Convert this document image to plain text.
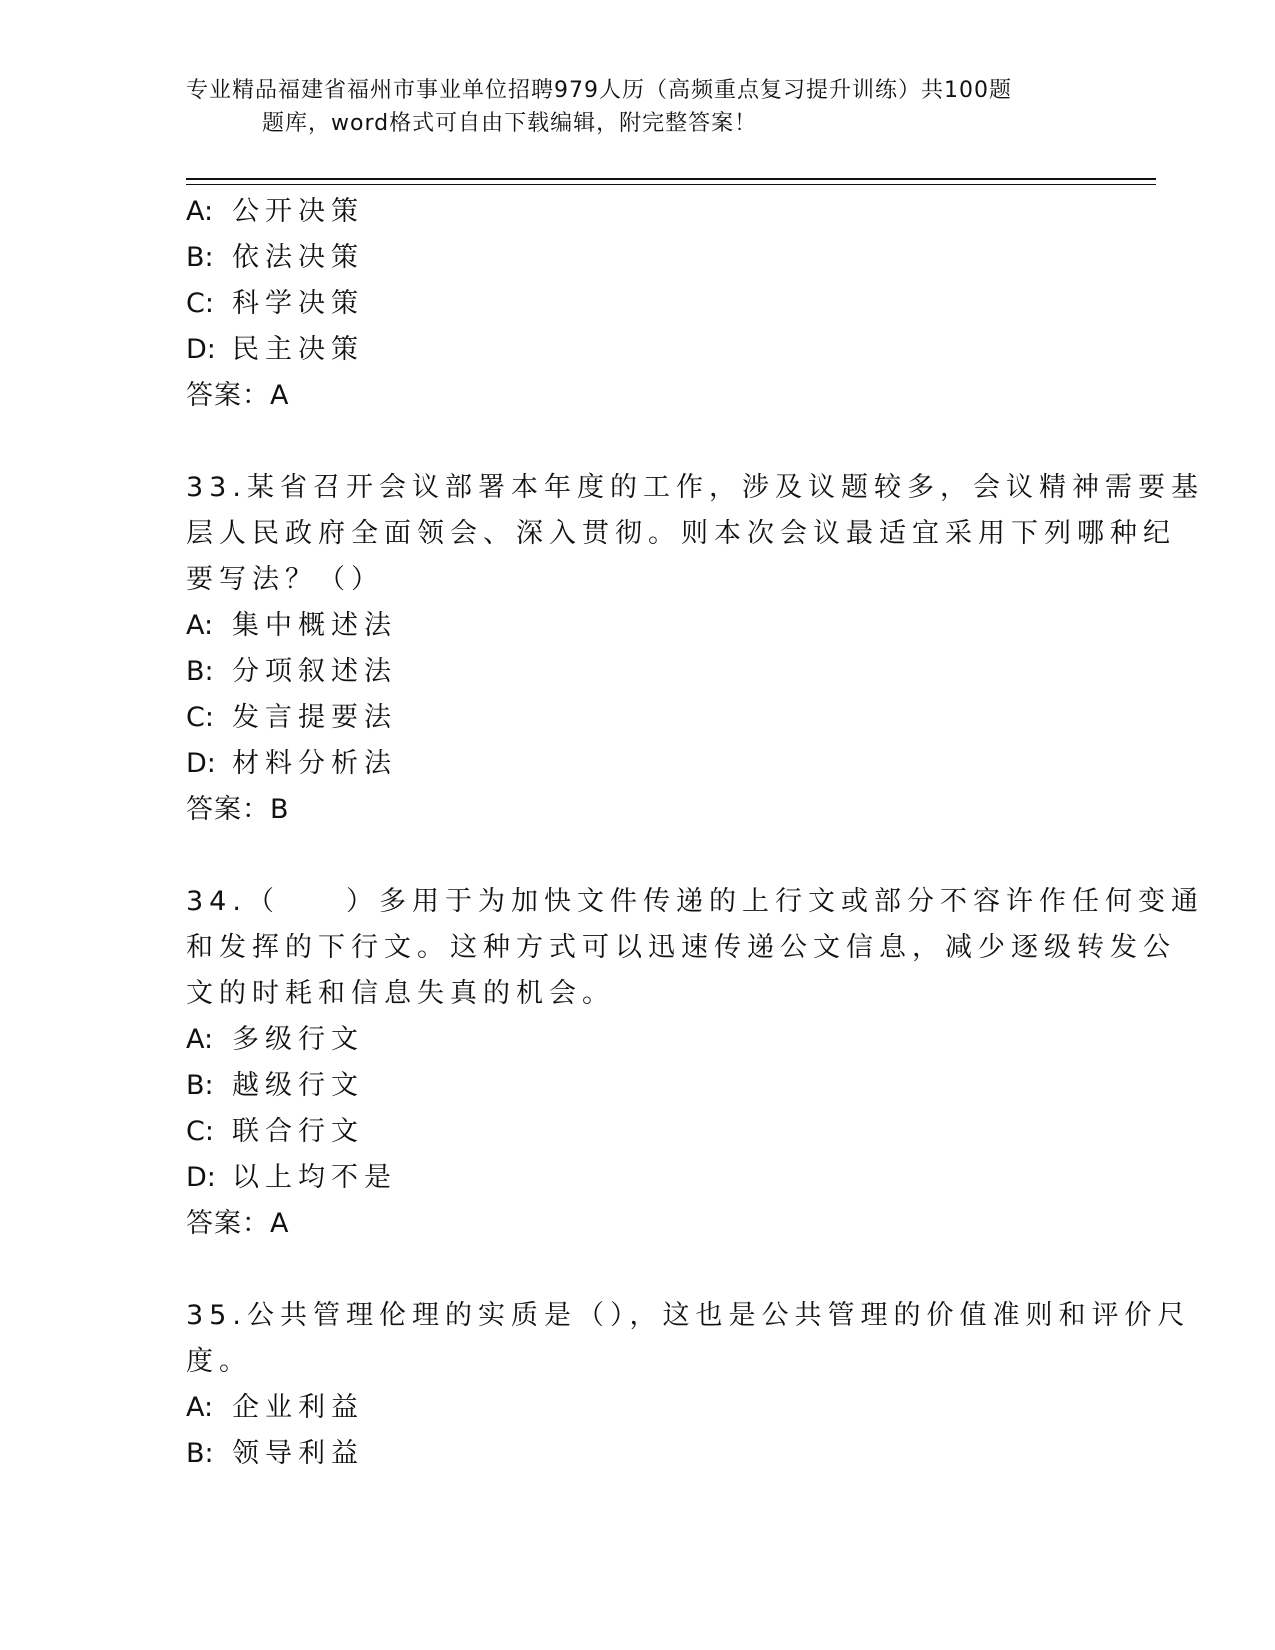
专业精品福建省福州市事业单位招聘979人历（高频重点复习提升训练）共100题
题库，word格式可自由下载编辑，附完整答案！
A: 公开决策
B: 依法决策
C: 科学决策
D: 民主决策
答案：A
33.某省召开会议部署本年度的工作，涉及议题较多，会议精神需要基
层人民政府全面领会、深入贯彻。则本次会议最适宜采用下列哪种纪
要写法？（）
A: 集中概述法
B: 分项叙述法
C: 发言提要法
D: 材料分析法
答案：B
34.（　　）多用于为加快文件传递的上行文或部分不容许作任何变通
和发挥的下行文。这种方式可以迅速传递公文信息，减少逐级转发公
文的时耗和信息失真的机会。
A: 多级行文
B: 越级行文
C: 联合行文
D: 以上均不是
答案：A
35.公共管理伦理的实质是（），这也是公共管理的价值准则和评价尺
度。
A: 企业利益
B: 领导利益
